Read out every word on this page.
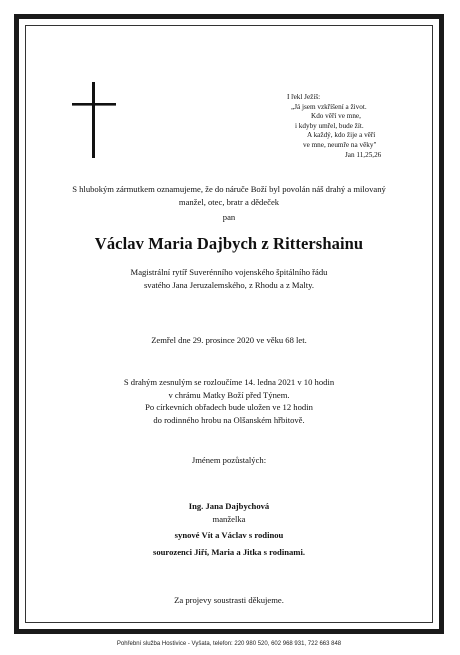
I řekl Ježíš:
„Já jsem vzkříšení a život.
Kdo věří ve mne,
i kdyby umřel, bude žít.
A každý, kdo žije a věří
ve mne, neumře na věky"
Jan 11,25,26
S hlubokým zármutkem oznamujeme, že do náruče Boží byl povolán náš drahý a milovaný
manžel, otec, bratr a dědeček
pan
Václav Maria Dajbych z Rittershainu
Magistrální rytíř Suverénního vojenského špitálního řádu
svatého Jana Jeruzalemského, z Rhodu a z Malty.
Zemřel dne 29. prosince 2020 ve věku 68 let.
S drahým zesnulým se rozloučíme 14. ledna 2021 v 10 hodin
v chrámu Matky Boží před Týnem.
Po církevních obřadech bude uložen ve 12 hodin
do rodinného hrobu na Olšanském hřbitově.
Jménem pozůstalých:
Ing. Jana Dajbychová
manželka
synové Vít a Václav s rodinou
sourozenci Jiří, Maria a Jitka s rodinami.
Za projevy soustrasti děkujeme.
Pohřební služba Hostivice - Vyšata, telefon: 220 980 520, 602 968 931, 722 663 848
